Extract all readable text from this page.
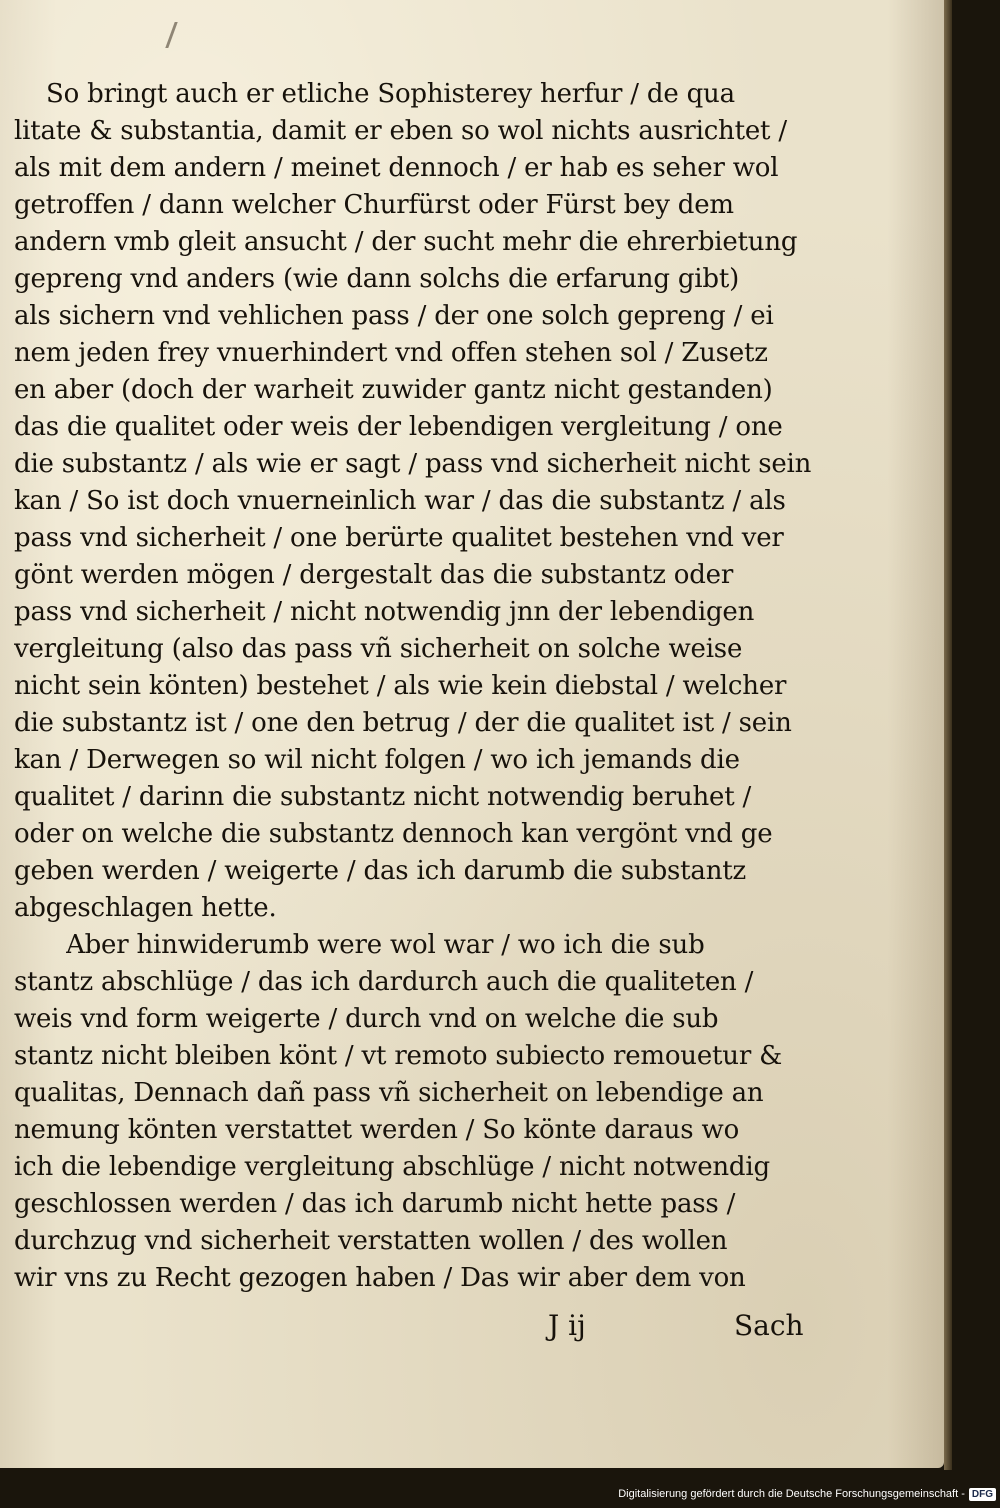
So bringt auch er etliche Sophisterey herfur / de qua
litate & substantia, damit er eben so wol nichts ausrichtet /
als mit dem andern / meinet dennoch / er hab es seher wol
getroffen / dann welcher Churfürst oder Fürst bey dem
andern vmb gleit ansucht / der sucht mehr die ehrerbietung
gepreng vnd anders (wie dann solchs die erfarung gibt)
als sichern vnd vehlichen pass / der one solch gepreng / ei
nem jeden frey vnuerhindert vnd offen stehen sol / Zusetz
en aber (doch der warheit zuwider gantz nicht gestanden)
das die qualitet oder weis der lebendigen vergleitung / one
die substantz / als wie er sagt / pass vnd sicherheit nicht sein
kan / So ist doch vnuerneinlich war / das die substantz / als
pass vnd sicherheit / one berürte qualitet bestehen vnd ver
gönt werden mögen / dergestalt das die substantz oder
pass vnd sicherheit / nicht notwendig jnn der lebendigen
vergleitung (also das pass vñ sicherheit on solche weise
nicht sein könten) bestehet / als wie kein diebstal / welcher
die substantz ist / one den betrug / der die qualitet ist / sein
kan / Derwegen so wil nicht folgen / wo ich jemands die
qualitet / darinn die substantz nicht notwendig beruhet /
oder on welche die substantz dennoch kan vergönt vnd ge
geben werden / weigerte / das ich darumb die substantz
abgeschlagen hette.
Aber hinwiderumb were wol war / wo ich die sub
stantz abschlüge / das ich dardurch auch die qualiteten /
weis vnd form weigerte / durch vnd on welche die sub
stantz nicht bleiben könt / vt remoto subiecto remouetur &
qualitas, Dennach dañ pass vñ sicherheit on lebendige an
nemung könten verstattet werden / So könte daraus wo
ich die lebendige vergleitung abschlüge / nicht notwendig
geschlossen werden / das ich darumb nicht hette pass /
durchzug vnd sicherheit verstatten wollen / des wollen
wir vns zu Recht gezogen haben / Das wir aber dem von
J ij	Sach
Digitalisierung gefördert durch die Deutsche Forschungsgemeinschaft - DFG
